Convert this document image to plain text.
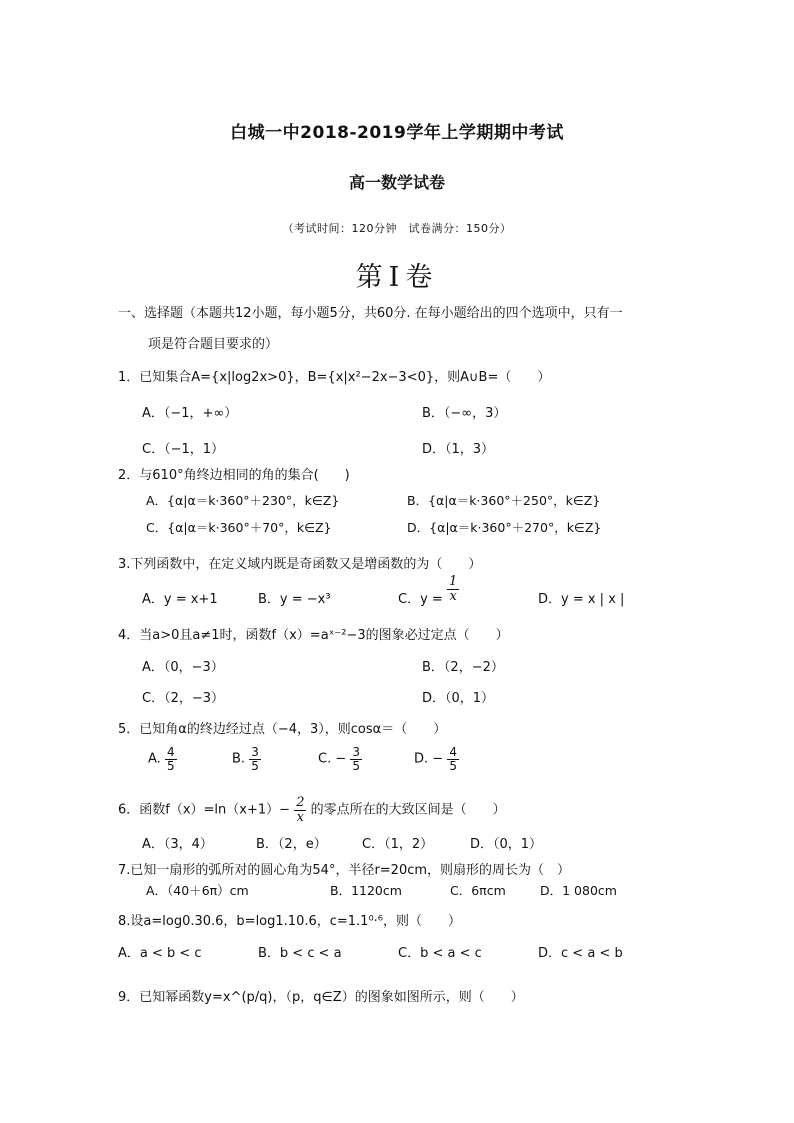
白城一中2018-2019学年上学期期中考试
高一数学试卷
（考试时间：120分钟　试卷满分：150分）
第Ⅰ卷
一、选择题（本题共12小题，每小题5分，共60分. 在每小题给出的四个选项中，只有一
项是符合题目要求的）
1．已知集合A={x|log2x>0}，B={x|x²−2x−3<0}，则A∪B=（　　）
A．（−1，+∞）	B．（−∞，3）
C．（−1，1）	D．（1，3）
2．与610°角终边相同的角的集合(　　)
A．{α|α＝k·360°＋230°，k∈Z}	B．{α|α＝k·360°＋250°，k∈Z}
C．{α|α＝k·360°＋70°，k∈Z}	D．{α|α＝k·360°＋270°，k∈Z}
3.下列函数中，在定义域内既是奇函数又是增函数的为（　　）
A．y = x+1	B．y = −x³	C．$y = \frac{1}{x}$	D．y = x | x |
4．当a>0且a≠1时，函数f（x）=aˣ⁻²−3的图象必过定点（　　）
A．（0，−3）	B．（2，−2）
C．（2，−3）	D．（0，1）
5．已知角α的终边经过点（−4，3），则cosα＝（　　）
A. $\frac{4}{5}$	B. $\frac{3}{5}$	C. − $\frac{3}{5}$	D. − $\frac{4}{5}$
6．函数$f(x)=\ln(x+1)- \frac{2}{x}$ 的零点所在的大致区间是（　　）
A．（3，4）	B．（2，e）	C．（1，2）	D．（0，1）
7.已知一扇形的弧所对的圆心角为54°，半径r=20cm，则扇形的周长为（　）
A．（40＋6π）cm	B．1120cm	C．6πcm	D．1 080cm
8.设a=log0.30.6，b=log1.10.6，c=1.1⁰·⁶，则（　　）
A．a < b < c	B．b < c < a	C．b < a < c	D．c < a < b
9．已知幂函数y=x^(p/q)，（p，q∈Z）的图象如图所示，则（　　）
